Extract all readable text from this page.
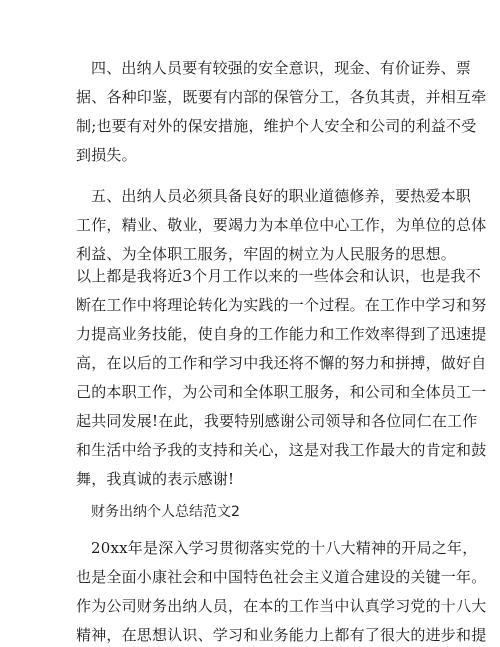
四、出纳人员要有较强的安全意识，现金、有价证券、票
据、各种印鉴，既要有内部的保管分工，各负其责，并相互牵
制;也要有对外的保安措施，维护个人安全和公司的利益不受
到损失。
五、出纳人员必须具备良好的职业道德修养，要热爱本职
工作，精业、敬业，要竭力为本单位中心工作，为单位的总体
利益、为全体职工服务，牢固的树立为人民服务的思想。
以上都是我将近3个月工作以来的一些体会和认识，也是我不
断在工作中将理论转化为实践的一个过程。在工作中学习和努
力提高业务技能，使自身的工作能力和工作效率得到了迅速提
高，在以后的工作和学习中我还将不懈的努力和拼搏，做好自
己的本职工作，为公司和全体职工服务，和公司和全体员工一
起共同发展!在此，我要特别感谢公司领导和各位同仁在工作
和生活中给予我的支持和关心，这是对我工作最大的肯定和鼓
舞，我真诚的表示感谢!
财务出纳个人总结范文2
20xx年是深入学习贯彻落实党的十八大精神的开局之年，
也是全面小康社会和中国特色社会主义道合建设的关键一年。
作为公司财务出纳人员，在本的工作当中认真学习党的十八大
精神，在思想认识、学习和业务能力上都有了很大的进步和提
